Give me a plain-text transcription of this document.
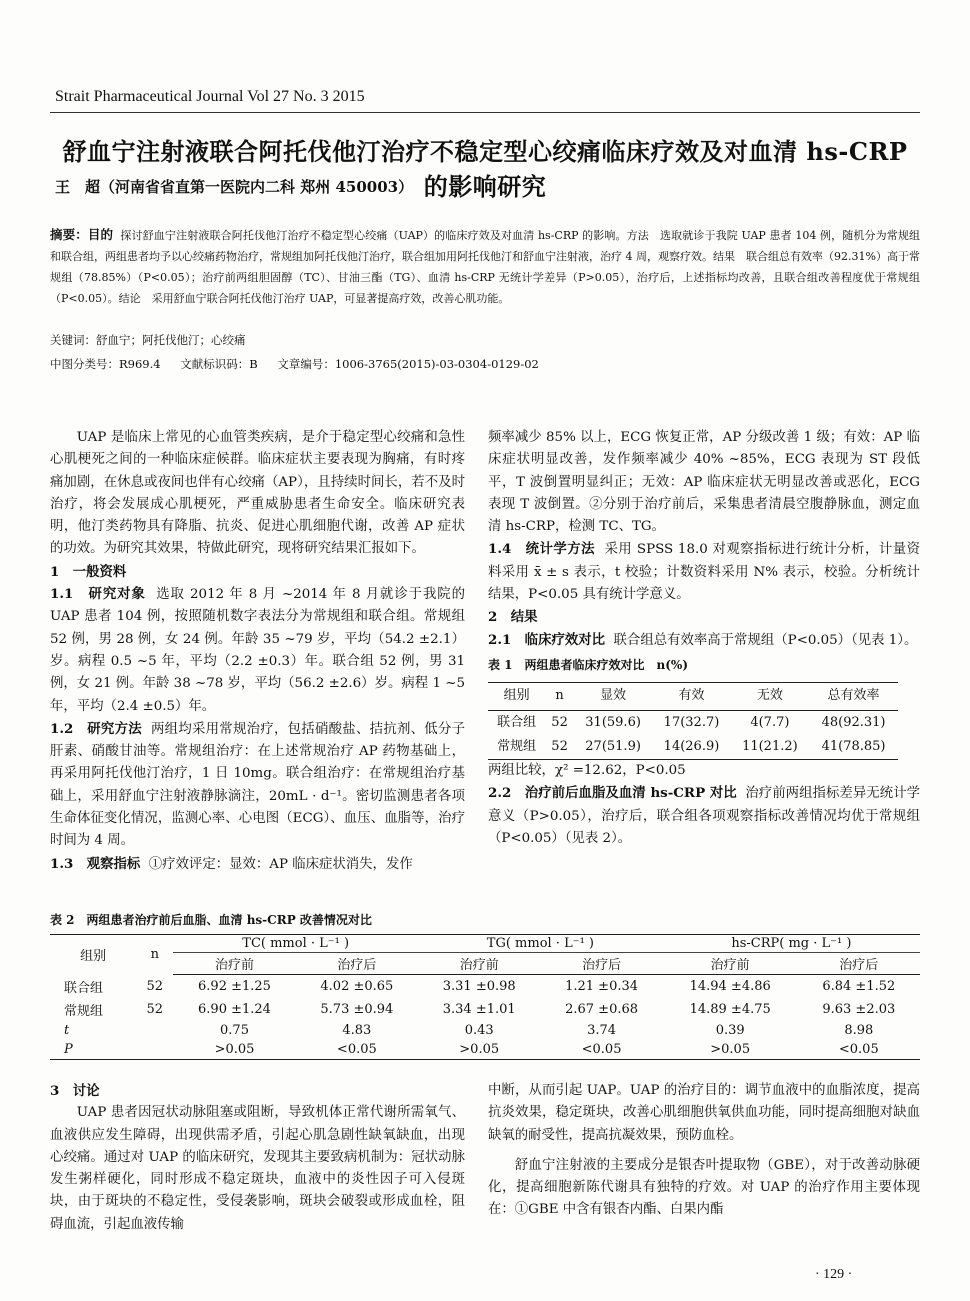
Strait Pharmaceutical Journal Vol 27 No. 3 2015
舒血宁注射液联合阿托伐他汀治疗不稳定型心绞痛临床疗效及对血清 hs-CRP 的影响研究
王　超（河南省省直第一医院内二科 郑州 450003）
摘要：目的 探讨舒血宁注射液联合阿托伐他汀治疗不稳定型心绞痛（UAP）的临床疗效及对血清 hs-CRP 的影响。方法　选取就诊于我院 UAP 患者 104 例，随机分为常规组和联合组，两组患者均予以心绞痛药物治疗，常规组加阿托伐他汀治疗，联合组加用阿托伐他汀和舒血宁注射液，治疗 4 周，观察疗效。结果　联合组总有效率（92.31%）高于常规组（78.85%）（P<0.05）；治疗前两组胆固醇（TC）、甘油三酯（TG）、血清 hs-CRP 无统计学差异（P>0.05），治疗后，上述指标均改善，且联合组改善程度优于常规组（P<0.05）。结论　采用舒血宁联合阿托伐他汀治疗 UAP，可显著提高疗效，改善心肌功能。
关键词：舒血宁；阿托伐他汀；心绞痛
中图分类号：R969.4 文献标识码：B 文章编号：1006-3765(2015)-03-0304-0129-02

UAP 是临床上常见的心血管类疾病，是介于稳定型心绞痛和急性心肌梗死之间的一种临床症候群。临床症状主要表现为胸痛，有时疼痛加剧，在休息或夜间也伴有心绞痛（AP），且持续时间长，若不及时治疗，将会发展成心肌梗死，严重威胁患者生命安全。临床研究表明，他汀类药物具有降脂、抗炎、促进心肌细胞代谢，改善 AP 症状的功效。为研究其效果，特做此研究，现将研究结果汇报如下。

1　一般资料

1.1　研究对象 选取 2012 年 8 月 ~2014 年 8 月就诊于我院的 UAP 患者 104 例，按照随机数字表法分为常规组和联合组。常规组 52 例，男 28 例，女 24 例。年龄 35 ~79 岁，平均（54.2 ±2.1）岁。病程 0.5 ~5 年，平均（2.2 ±0.3）年。联合组 52 例，男 31 例，女 21 例。年龄 38 ~78 岁，平均（56.2 ±2.6）岁。病程 1 ~5 年，平均（2.4 ±0.5）年。

1.2　研究方法 两组均采用常规治疗，包括硝酸盐、拮抗剂、低分子肝素、硝酸甘油等。常规组治疗：在上述常规治疗 AP 药物基础上，再采用阿托伐他汀治疗，1 日 10mg。联合组治疗：在常规组治疗基础上，采用舒血宁注射液静脉滴注，20mL · d⁻¹。密切监测患者各项生命体征变化情况，监测心率、心电图（ECG）、血压、血脂等，治疗时间为 4 周。

1.3　观察指标 ①疗效评定：显效：AP 临床症状消失，发作

频率减少 85% 以上，ECG 恢复正常，AP 分级改善 1 级；有效：AP 临床症状明显改善，发作频率减少 40% ~85%，ECG 表现为 ST 段低平，T 波倒置明显纠正；无效：AP 临床症状无明显改善或恶化，ECG 表现 T 波倒置。②分别于治疗前后，采集患者清晨空腹静脉血，测定血清 hs-CRP，检测 TC、TG。

1.4　统计学方法 采用 SPSS 18.0 对观察指标进行统计分析，计量资料采用 x̄ ± s 表示，t 校验；计数资料采用 N% 表示，校验。分析统计结果，P<0.05 具有统计学意义。

2　结果

2.1　临床疗效对比 联合组总有效率高于常规组（P<0.05）（见表 1）。

表 1　两组患者临床疗效对比　n(%)
组别	n	显效	有效	无效	总有效率
联合组	52	31(59.6)	17(32.7)	4(7.7)	48(92.31)
常规组	52	27(51.9)	14(26.9)	11(21.2)	41(78.85)

两组比较，χ² =12.62，P<0.05

2.2　治疗前后血脂及血清 hs-CRP 对比 治疗前两组指标差异无统计学意义（P>0.05），治疗后，联合组各项观察指标改善情况均优于常规组（P<0.05）（见表 2）。

表 2　两组患者治疗前后血脂、血清 hs-CRP 改善情况对比
组别	n	TC( mmol · L⁻¹ )		TG( mmol · L⁻¹ )		hs-CRP( mg · L⁻¹ )	
		治疗前	治疗后	治疗前	治疗后	治疗前	治疗后
联合组	52	6.92 ±1.25	4.02 ±0.65	3.31 ±0.98	1.21 ±0.34	14.94 ±4.86	6.84 ±1.52
常规组	52	6.90 ±1.24	5.73 ±0.94	3.34 ±1.01	2.67 ±0.68	14.89 ±4.75	9.63 ±2.03
t		0.75	4.83	0.43	3.74	0.39	8.98
P		>0.05	<0.05	>0.05	<0.05	>0.05	<0.05

3　讨论

UAP 患者因冠状动脉阻塞或阻断，导致机体正常代谢所需氧气、血液供应发生障碍，出现供需矛盾，引起心肌急剧性缺氧缺血，出现心绞痛。通过对 UAP 的临床研究，发现其主要致病机制为：冠状动脉发生粥样硬化，同时形成不稳定斑块，血液中的炎性因子可入侵斑块，由于斑块的不稳定性，受侵袭影响，斑块会破裂或形成血栓，阻碍血流，引起血液传输

中断，从而引起 UAP。UAP 的治疗目的：调节血液中的血脂浓度，提高抗炎效果，稳定斑块，改善心肌细胞供氧供血功能，同时提高细胞对缺血缺氧的耐受性，提高抗凝效果，预防血栓。

舒血宁注射液的主要成分是银杏叶提取物（GBE），对于改善动脉硬化，提高细胞新陈代谢具有独特的疗效。对 UAP 的治疗作用主要体现在：①GBE 中含有银杏内酯、白果内酯

· 129 ·
